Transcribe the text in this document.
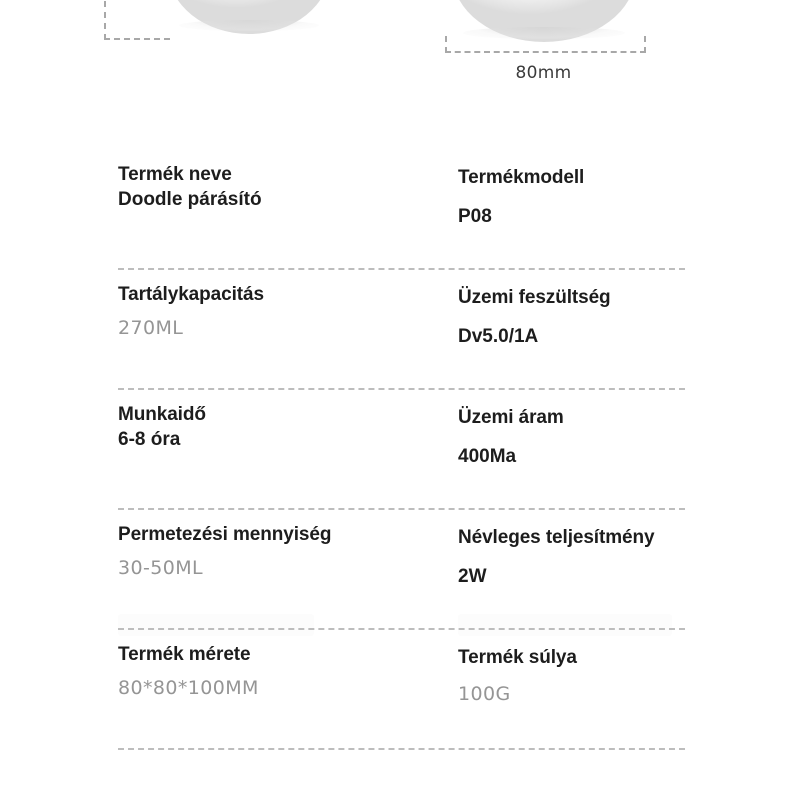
80mm
Termék neve
Doodle párásító
Termékmodell
P08
Tartálykapacitás
270ML
Üzemi feszültség
Dv5.0/1A
Munkaidő
6-8 óra
Üzemi áram
400Ma
Permetezési mennyiség
30-50ML
Névleges teljesítmény
2W
Termék mérete
80*80*100MM
Termék súlya
100G
